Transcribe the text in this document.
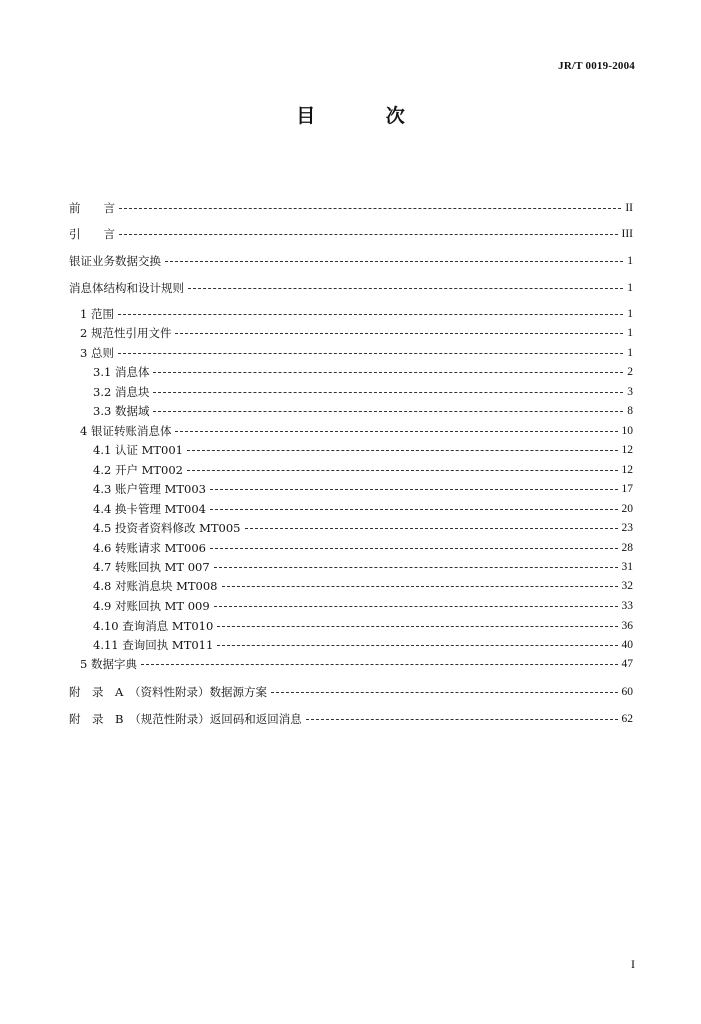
JR/T 0019-2004
目 次
前　　言	II
引　　言	III
银证业务数据交换	1
消息体结构和设计规则	1
1 范围	1
2 规范性引用文件	1
3 总则	1
3.1 消息体	2
3.2 消息块	3
3.3 数据域	8
4 银证转账消息体	10
4.1 认证 MT001	12
4.2 开户 MT002	12
4.3 账户管理 MT003	17
4.4 换卡管理 MT004	20
4.5 投资者资料修改 MT005	23
4.6 转账请求 MT006	28
4.7 转账回执 MT 007	31
4.8 对账消息块 MT008	32
4.9 对账回执 MT 009	33
4.10 查询消息 MT010	36
4.11 查询回执 MT011	40
5 数据字典	47
附　录　A　（资料性附录）数据源方案	60
附　录　B　（规范性附录）返回码和返回消息	62
I
